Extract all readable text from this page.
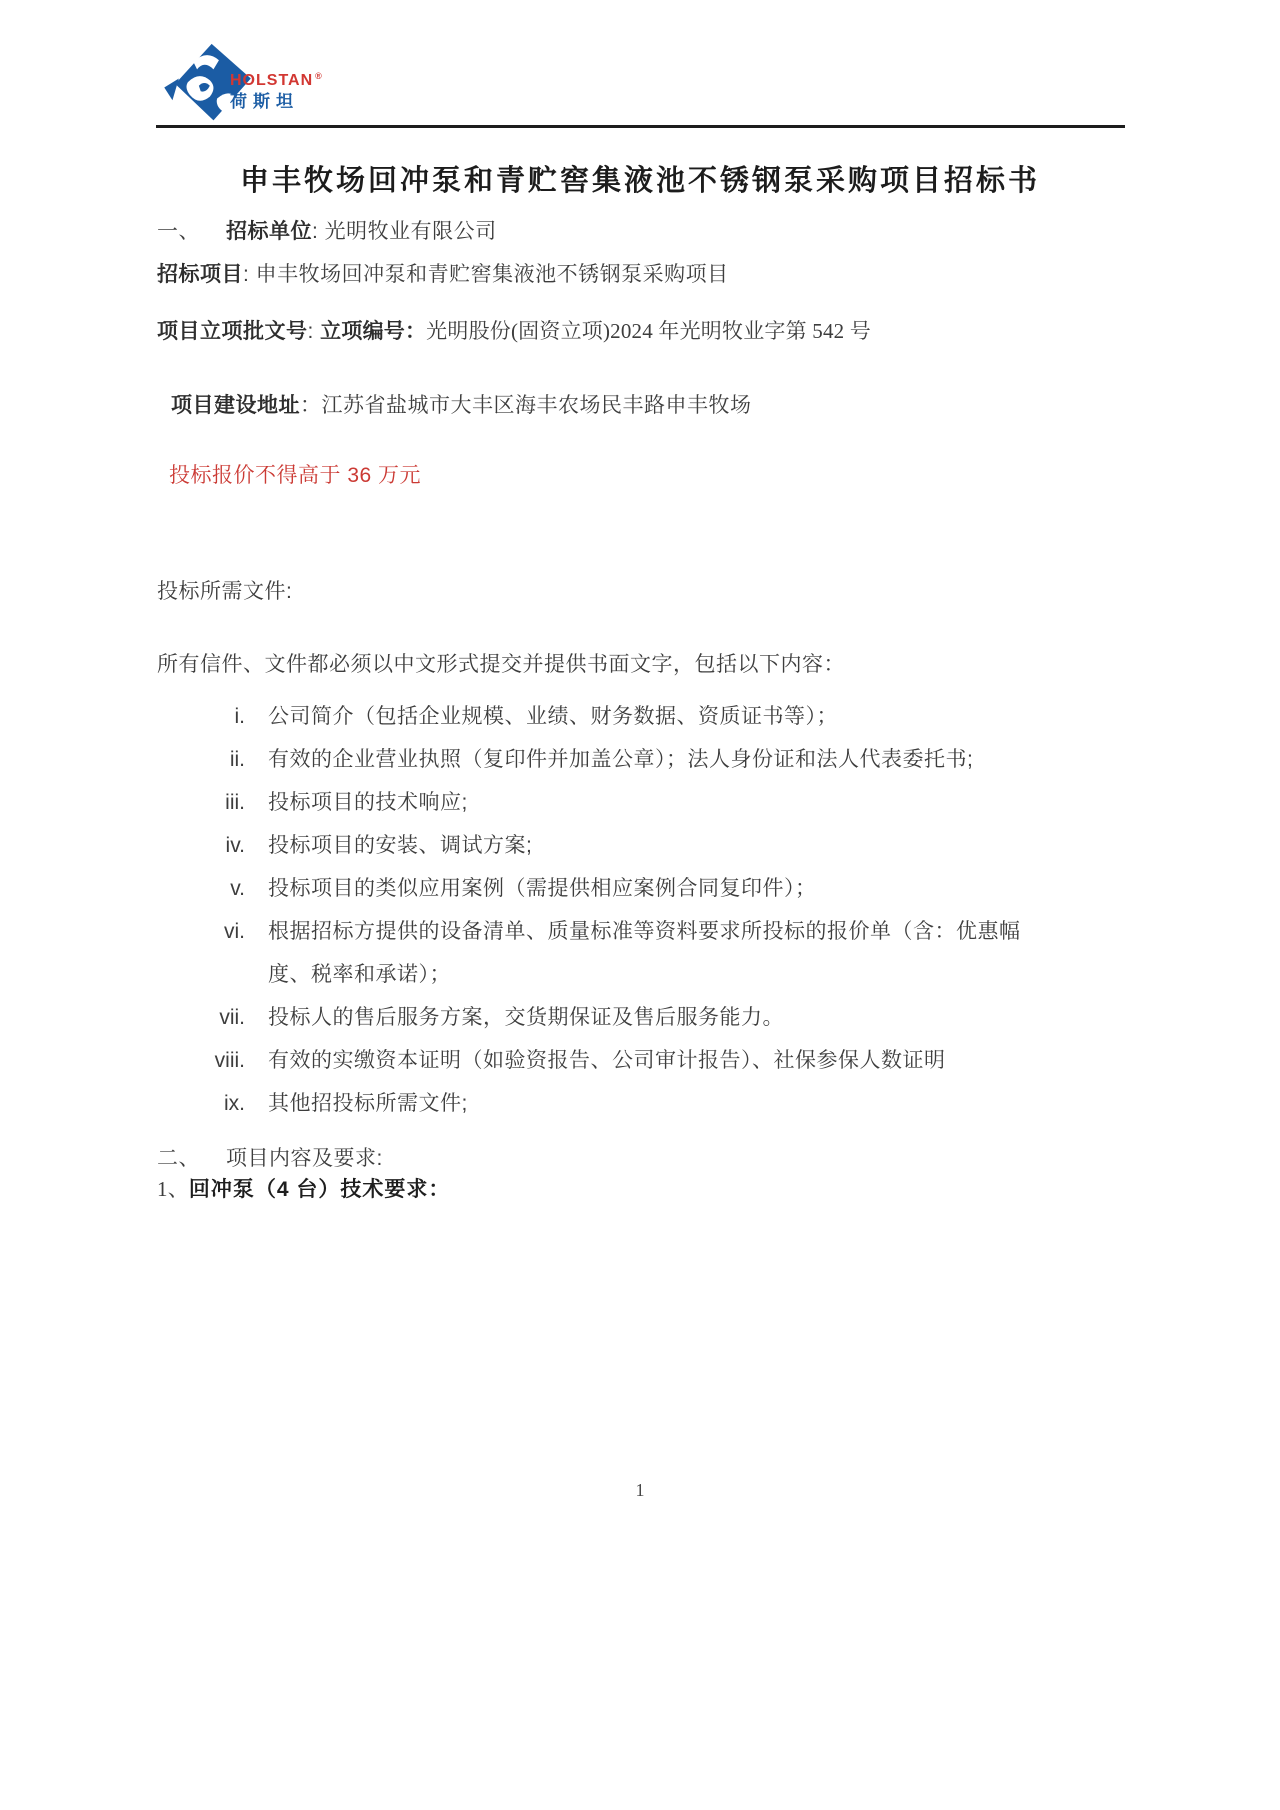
HOLSTAN ®
荷斯坦
申丰牧场回冲泵和青贮窖集液池不锈钢泵采购项目招标书

一、 招标单位: 光明牧业有限公司

招标项目: 申丰牧场回冲泵和青贮窖集液池不锈钢泵采购项目

项目立项批文号: 立项编号：光明股份(固资立项)2024 年光明牧业字第 542 号

项目建设地址：江苏省盐城市大丰区海丰农场民丰路申丰牧场

投标报价不得高于 36 万元

投标所需文件:

所有信件、文件都必须以中文形式提交并提供书面文字，包括以下内容：

i. 公司简介（包括企业规模、业绩、财务数据、资质证书等）；
ii. 有效的企业营业执照（复印件并加盖公章）；法人身份证和法人代表委托书;
iii. 投标项目的技术响应;
iv. 投标项目的安装、调试方案;
v. 投标项目的类似应用案例（需提供相应案例合同复印件）；
vi. 根据招标方提供的设备清单、质量标准等资料要求所投标的报价单（含：优惠幅度、税率和承诺）；
vii. 投标人的售后服务方案，交货期保证及售后服务能力。
viii. 有效的实缴资本证明（如验资报告、公司审计报告）、社保参保人数证明
ix. 其他招投标所需文件;

二、 项目内容及要求:

1、回冲泵（4 台）技术要求：

1
